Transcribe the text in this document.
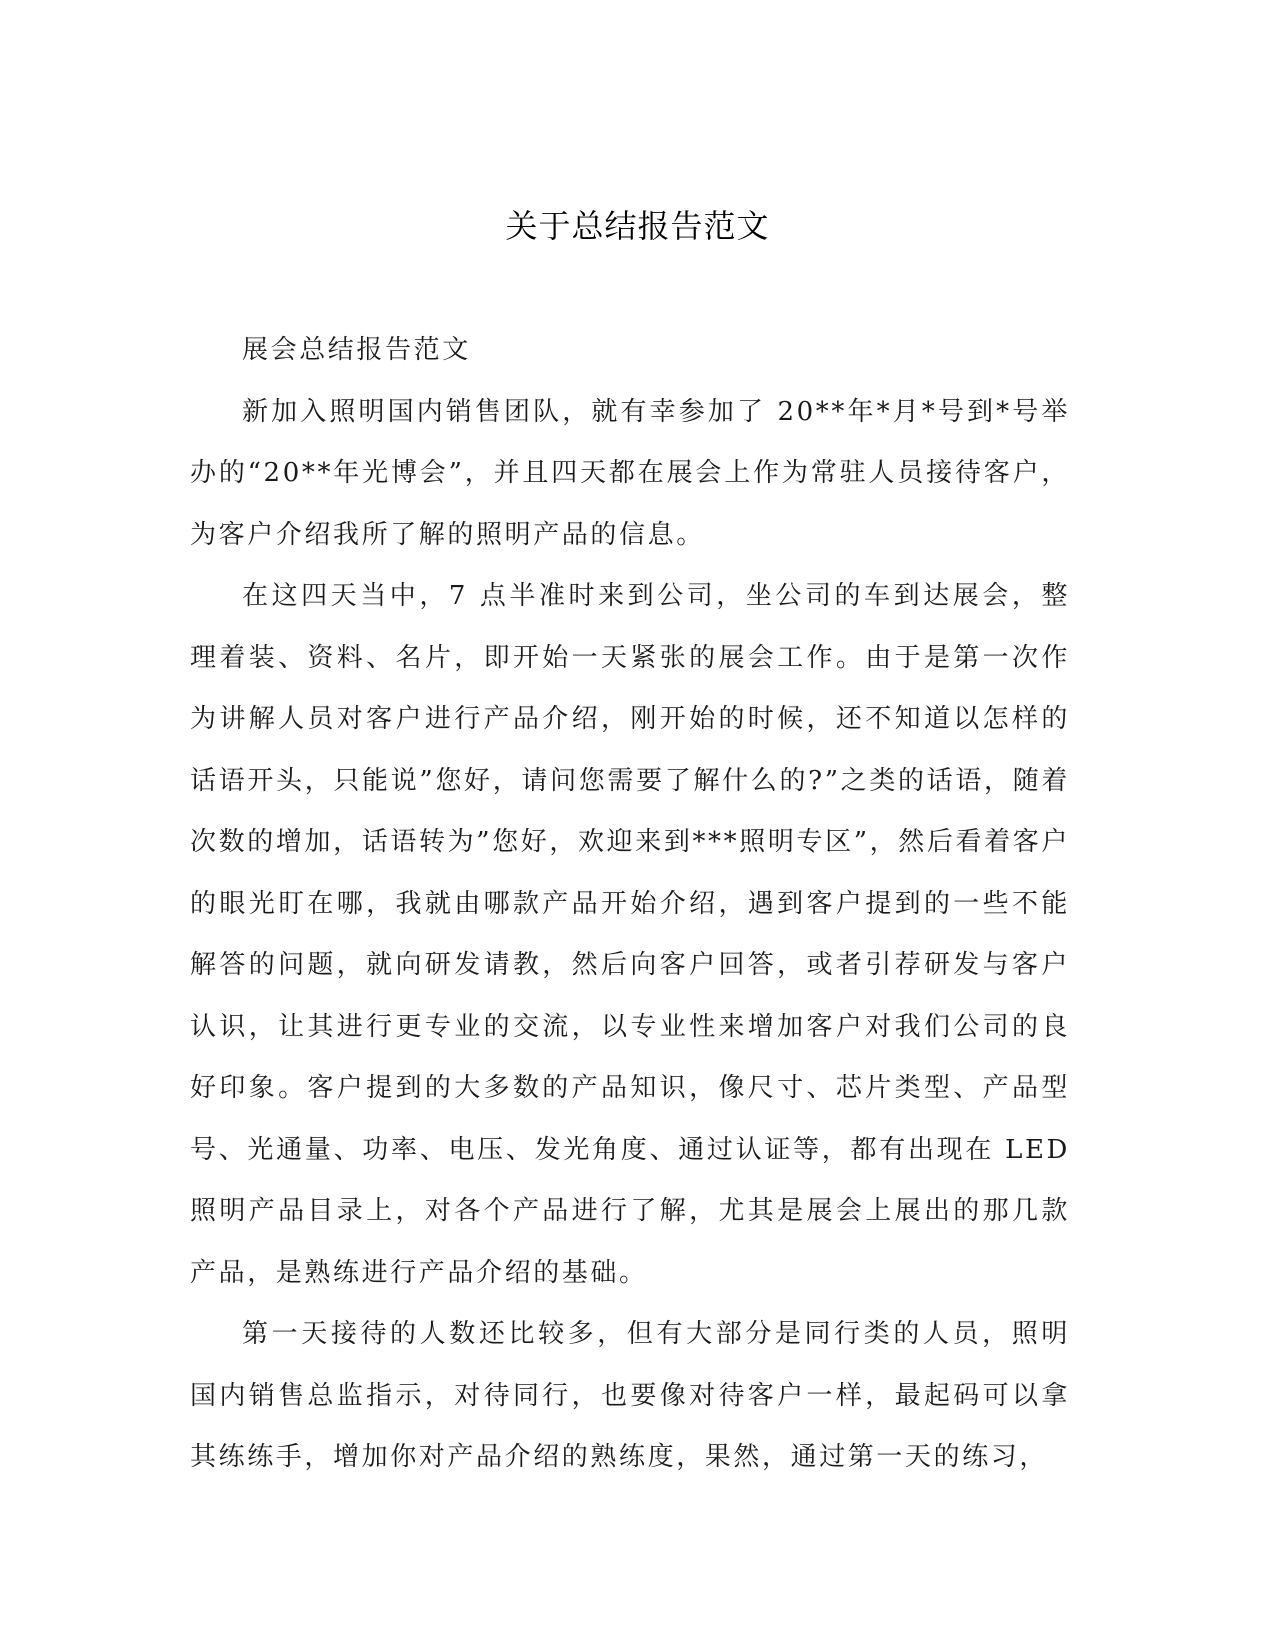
关于总结报告范文

展会总结报告范文

新加入照明国内销售团队，就有幸参加了 20**年*月*号到*号举办的“20**年光博会”，并且四天都在展会上作为常驻人员接待客户，为客户介绍我所了解的照明产品的信息。

在这四天当中，7 点半准时来到公司，坐公司的车到达展会，整理着装、资料、名片，即开始一天紧张的展会工作。由于是第一次作为讲解人员对客户进行产品介绍，刚开始的时候，还不知道以怎样的话语开头，只能说”您好，请问您需要了解什么的?”之类的话语，随着次数的增加，话语转为”您好，欢迎来到***照明专区”，然后看着客户的眼光盯在哪，我就由哪款产品开始介绍，遇到客户提到的一些不能解答的问题，就向研发请教，然后向客户回答，或者引荐研发与客户认识，让其进行更专业的交流，以专业性来增加客户对我们公司的良好印象。客户提到的大多数的产品知识，像尺寸、芯片类型、产品型号、光通量、功率、电压、发光角度、通过认证等，都有出现在 LED 照明产品目录上，对各个产品进行了解，尤其是展会上展出的那几款产品，是熟练进行产品介绍的基础。

第一天接待的人数还比较多，但有大部分是同行类的人员，照明国内销售总监指示，对待同行，也要像对待客户一样，最起码可以拿其练练手，增加你对产品介绍的熟练度，果然，通过第一天的练习，
